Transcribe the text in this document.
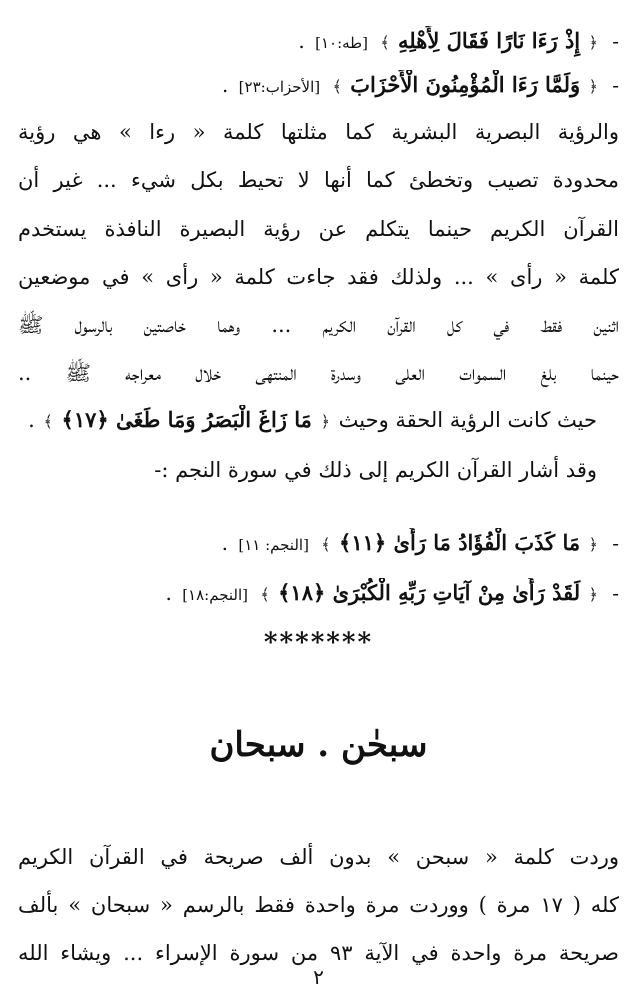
- ﴿ إِذْ رَءَا نَارًا فَقَالَ لِأَهْلِهِ ﴾ [طه:١٠] .
- ﴿ وَلَمَّا رَءَا الْمُؤْمِنُونَ الْأَحْزَابَ ﴾ [الأحزاب:٢٣] .
والرؤية البصرية البشرية كما مثلتها كلمة « رءا » هي رؤية
محدودة تصيب وتخطئ كما أنها لا تحيط بكل شيء ... غير أن
القرآن الكريم حينما يتكلم عن رؤية البصيرة النافذة يستخدم
كلمة « رأى » ... ولذلك فقد جاءت كلمة « رأى » في موضعين
اثنين فقط في كل القرآن الكريم ... وهما خاصتين بالرسول ﷺ
حينما بلغ السموات العلى وسدرة المنتهى خلال معراجه ﷺ ..
حيث كانت الرؤية الحقة وحيث ﴿ مَا زَاغَ الْبَصَرُ وَمَا طَغَىٰ ﴿١٧﴾ ﴾ .
وقد أشار القرآن الكريم إلى ذلك في سورة النجم :-
- ﴿ مَا كَذَبَ الْفُؤَادُ مَا رَأَىٰ ﴿١١﴾ ﴾ [النجم: ١١] .
- ﴿ لَقَدْ رَأَىٰ مِنْ آيَاتِ رَبِّهِ الْكُبْرَىٰ ﴿١٨﴾ ﴾ [النجم:١٨] .
*******
سبحٰن . سبحان
وردت كلمة « سبحن » بدون ألف صريحة في القرآن الكريم
كله ( ١٧ مرة ) ووردت مرة واحدة فقط بالرسم « سبحان » بألف
صريحة مرة واحدة في الآية ٩٣ من سورة الإسراء ... ويشاء الله
٢
